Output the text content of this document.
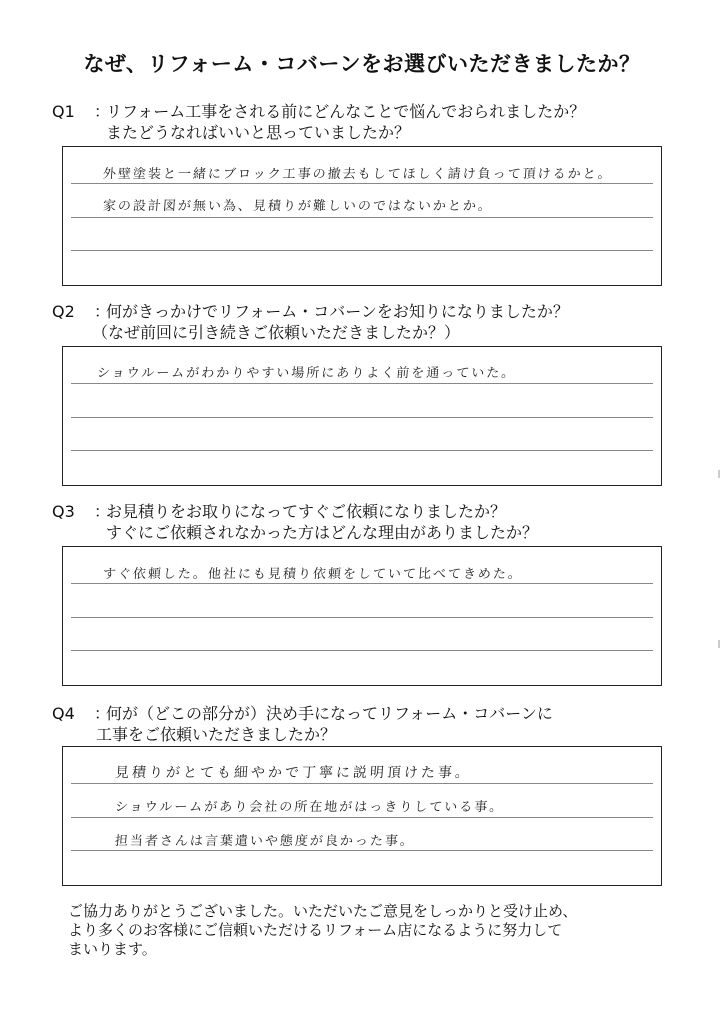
なぜ、リフォーム・コバーンをお選びいただきましたか？
Q1 ：リフォーム工事をされる前にどんなことで悩んでおられましたか？
またどうなればいいと思っていましたか？
外壁塗装と一緒にブロック工事の撤去もしてほしく請け負って頂けるかと。
家の設計図が無い為、見積りが難しいのではないかとか。
Q2 ：何がきっかけでリフォーム・コバーンをお知りになりましたか？
（なぜ前回に引き続きご依頼いただきましたか？）
ショウルームがわかりやすい場所にありよく前を通っていた。
Q3 ：お見積りをお取りになってすぐご依頼になりましたか？
すぐにご依頼されなかった方はどんな理由がありましたか？
すぐ依頼した。他社にも見積り依頼をしていて比べてきめた。
Q4 ：何が（どこの部分が）決め手になってリフォーム・コバーンに
工事をご依頼いただきましたか？
見積りがとても細やかで丁寧に説明頂けた事。
ショウルームがあり会社の所在地がはっきりしている事。
担当者さんは言葉遣いや態度が良かった事。
ご協力ありがとうございました。いただいたご意見をしっかりと受け止め、
より多くのお客様にご信頼いただけるリフォーム店になるように努力して
まいります。
